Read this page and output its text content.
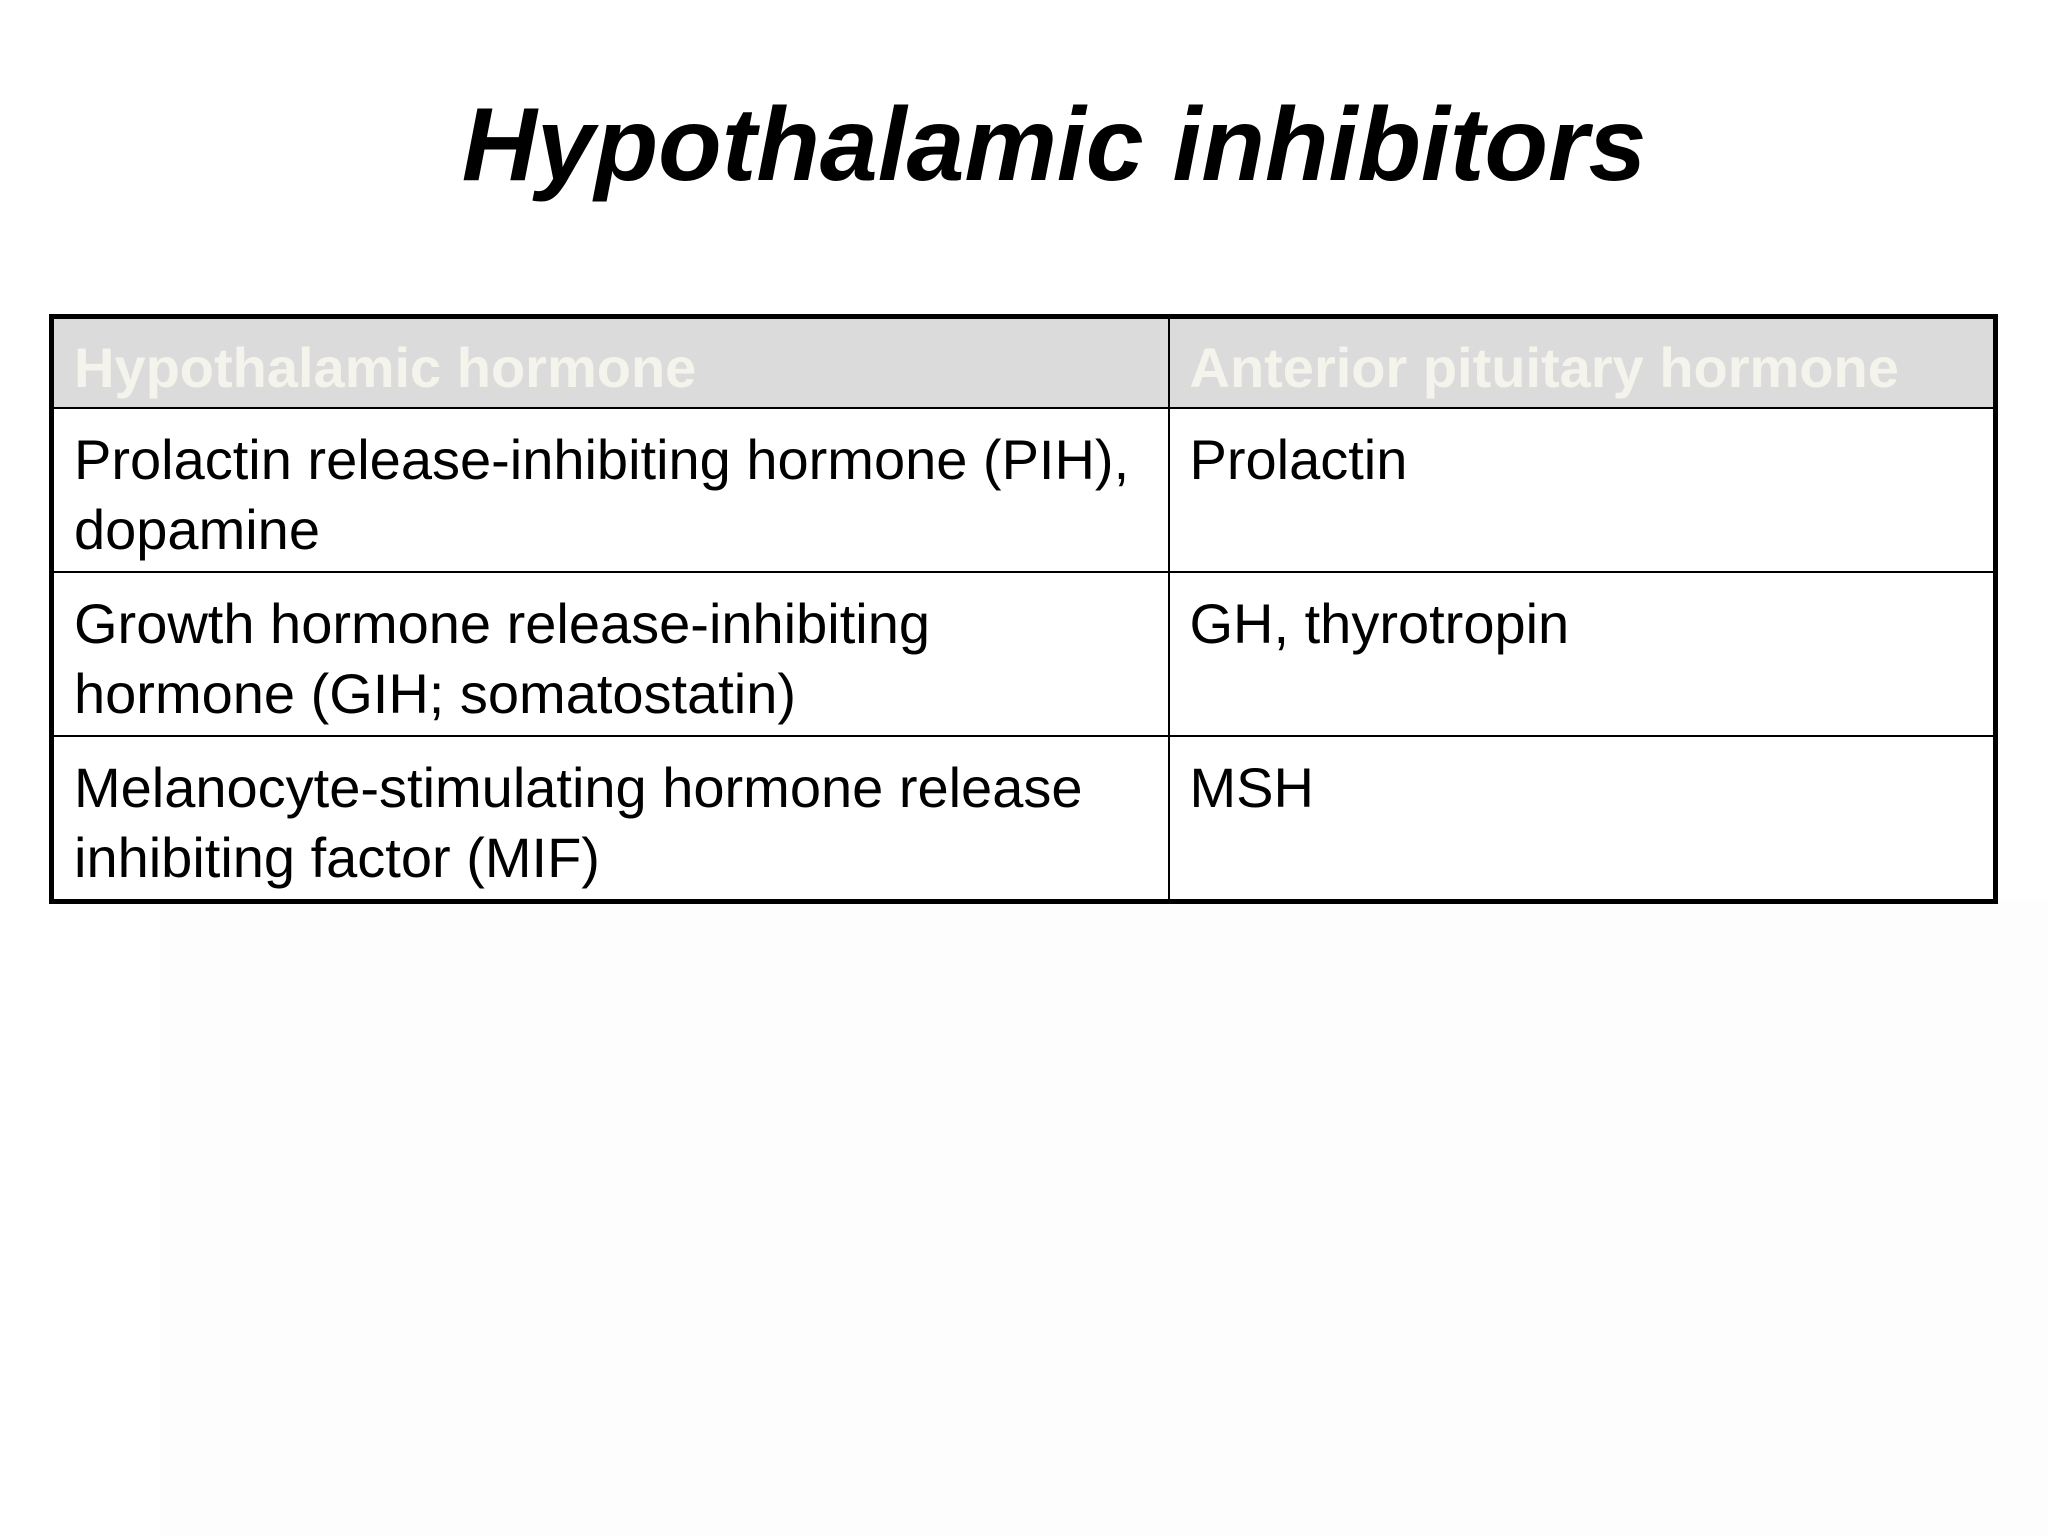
Hypothalamic inhibitors
Hypothalamic hormone	Anterior pituitary hormone
Prolactin release-inhibiting hormone (PIH), dopamine	Prolactin
Growth hormone release-inhibiting hormone (GIH; somatostatin)	GH, thyrotropin
Melanocyte-stimulating hormone release inhibiting factor (MIF)	MSH
